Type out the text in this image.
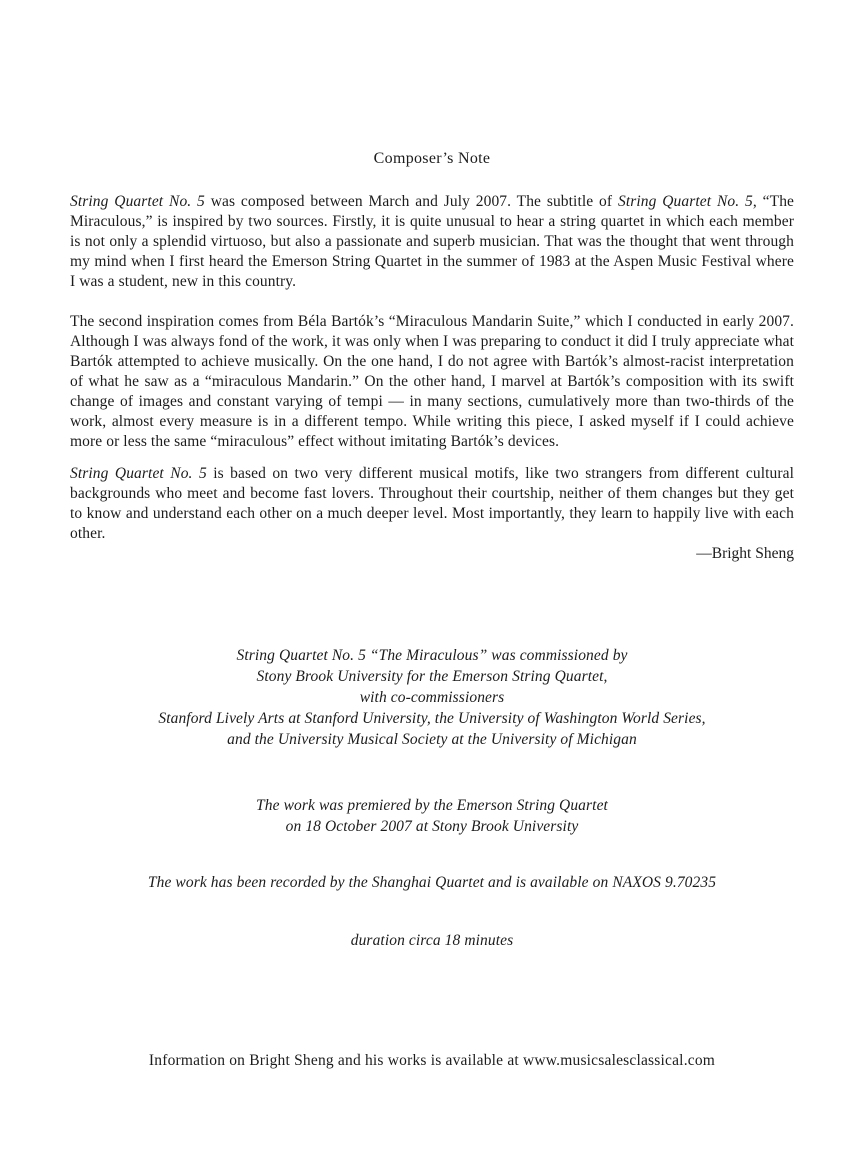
Composer’s Note
String Quartet No. 5 was composed between March and July 2007. The subtitle of String Quartet No. 5, “The Miraculous,” is inspired by two sources. Firstly, it is quite unusual to hear a string quartet in which each member is not only a splendid virtuoso, but also a passionate and superb musician. That was the thought that went through my mind when I first heard the Emerson String Quartet in the summer of 1983 at the Aspen Music Festival where I was a student, new in this country.
The second inspiration comes from Béla Bartók’s “Miraculous Mandarin Suite,” which I conducted in early 2007. Although I was always fond of the work, it was only when I was preparing to conduct it did I truly appreciate what Bartók attempted to achieve musically. On the one hand, I do not agree with Bartók’s almost-racist interpretation of what he saw as a “miraculous Mandarin.” On the other hand, I marvel at Bartók’s composition with its swift change of images and constant varying of tempi — in many sections, cumulatively more than two-thirds of the work, almost every measure is in a different tempo. While writing this piece, I asked myself if I could achieve more or less the same “miraculous” effect without imitating Bartók’s devices.
String Quartet No. 5 is based on two very different musical motifs, like two strangers from different cultural backgrounds who meet and become fast lovers. Throughout their courtship, neither of them changes but they get to know and understand each other on a much deeper level. Most importantly, they learn to happily live with each other.
—Bright Sheng
String Quartet No. 5 “The Miraculous” was commissioned by
Stony Brook University for the Emerson String Quartet,
with co-commissioners
Stanford Lively Arts at Stanford University, the University of Washington World Series,
and the University Musical Society at the University of Michigan
The work was premiered by the Emerson String Quartet
on 18 October 2007 at Stony Brook University
The work has been recorded by the Shanghai Quartet and is available on NAXOS 9.70235
duration circa 18 minutes
Information on Bright Sheng and his works is available at www.musicsalesclassical.com
